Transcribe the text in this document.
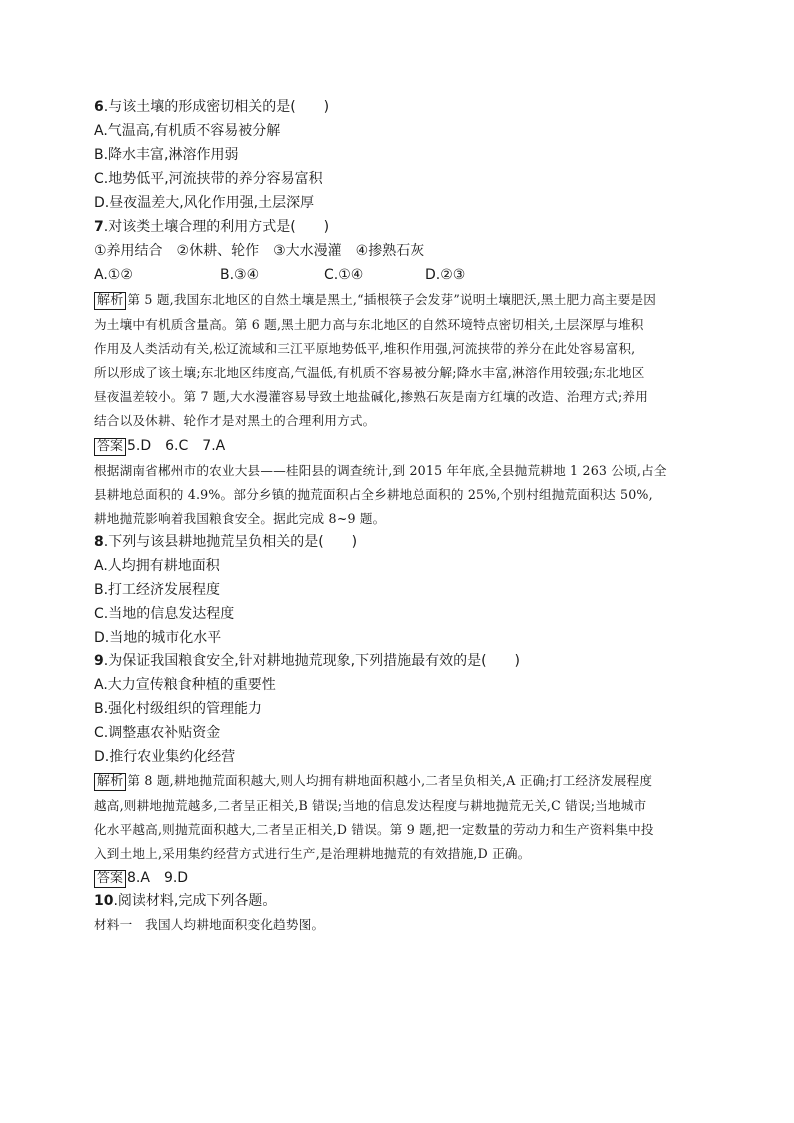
6.与该土壤的形成密切相关的是(　　)
A.气温高,有机质不容易被分解
B.降水丰富,淋溶作用弱
C.地势低平,河流挟带的养分容易富积
D.昼夜温差大,风化作用强,土层深厚
7.对该类土壤合理的利用方式是(　　)
①养用结合　②休耕、轮作　③大水漫灌　④掺熟石灰
A.①②	B.③④	C.①④	D.②③
解析 第 5 题,我国东北地区的自然土壤是黑土,“插根筷子会发芽”说明土壤肥沃,黑土肥力高主要是因
为土壤中有机质含量高。第 6 题,黑土肥力高与东北地区的自然环境特点密切相关,土层深厚与堆积
作用及人类活动有关,松辽流域和三江平原地势低平,堆积作用强,河流挟带的养分在此处容易富积,
所以形成了该土壤;东北地区纬度高,气温低,有机质不容易被分解;降水丰富,淋溶作用较强;东北地区
昼夜温差较小。第 7 题,大水漫灌容易导致土地盐碱化,掺熟石灰是南方红壤的改造、治理方式;养用
结合以及休耕、轮作才是对黑土的合理利用方式。
答案 5.D　6.C　7.A
根据湖南省郴州市的农业大县——桂阳县的调查统计,到 2015 年年底,全县抛荒耕地 1 263 公顷,占全
县耕地总面积的 4.9%。部分乡镇的抛荒面积占全乡耕地总面积的 25%,个别村组抛荒面积达 50%,
耕地抛荒影响着我国粮食安全。据此完成 8~9 题。
8.下列与该县耕地抛荒呈负相关的是(　　)
A.人均拥有耕地面积
B.打工经济发展程度
C.当地的信息发达程度
D.当地的城市化水平
9.为保证我国粮食安全,针对耕地抛荒现象,下列措施最有效的是(　　)
A.大力宣传粮食种植的重要性
B.强化村级组织的管理能力
C.调整惠农补贴资金
D.推行农业集约化经营
解析 第 8 题,耕地抛荒面积越大,则人均拥有耕地面积越小,二者呈负相关,A 正确;打工经济发展程度
越高,则耕地抛荒越多,二者呈正相关,B 错误;当地的信息发达程度与耕地抛荒无关,C 错误;当地城市
化水平越高,则抛荒面积越大,二者呈正相关,D 错误。第 9 题,把一定数量的劳动力和生产资料集中投
入到土地上,采用集约经营方式进行生产,是治理耕地抛荒的有效措施,D 正确。
答案 8.A　9.D
10.阅读材料,完成下列各题。
材料一　我国人均耕地面积变化趋势图。
